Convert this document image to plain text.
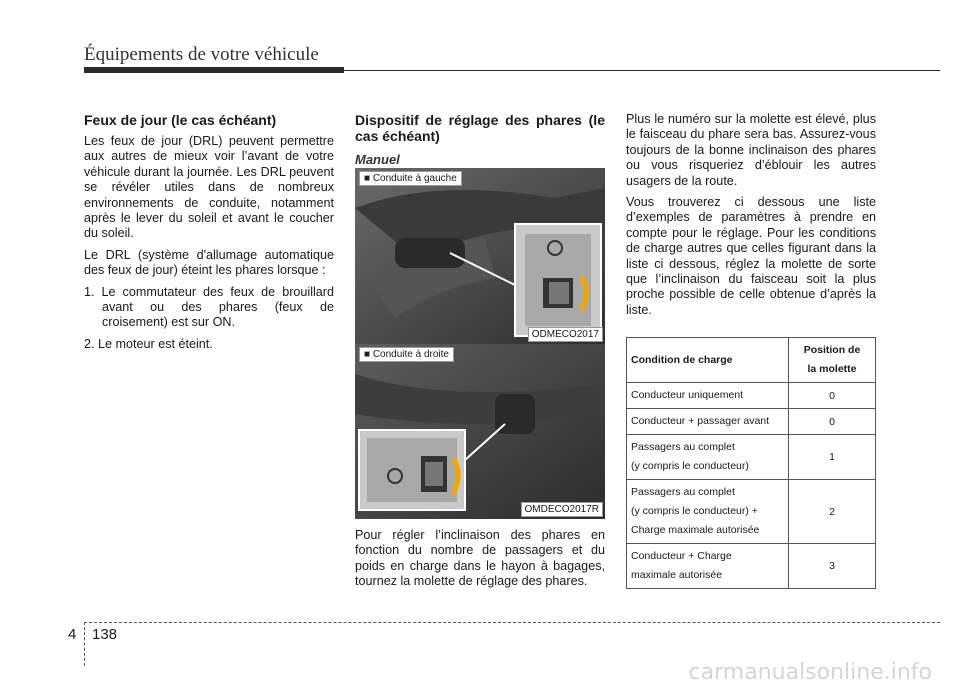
Équipements de votre véhicule
Feux de jour (le cas échéant)

Les feux de jour (DRL) peuvent permettre aux autres de mieux voir l’avant de votre véhicule durant la journée. Les DRL peuvent se révéler utiles dans de nombreux environnements de conduite, notamment après le lever du soleil et avant le coucher du soleil.

Le DRL (système d'allumage automatique des feux de jour) éteint les phares lorsque :

1. Le commutateur des feux de brouillard avant ou des phares (feux de croisement) est sur ON.
2. Le moteur est éteint.
Dispositif de réglage des phares (le cas échéant)
Manuel
■ Conduite à gauche
ODMECO2017
■ Conduite à droite
OMDECO2017R

Pour régler l’inclinaison des phares en fonction du nombre de passagers et du poids en charge dans le hayon à bagages, tournez la molette de réglage des phares.

Plus le numéro sur la molette est élevé, plus le faisceau du phare sera bas. Assurez-vous toujours de la bonne inclinaison des phares ou vous risqueriez d’éblouir les autres usagers de la route.

Vous trouverez ci dessous une liste d’exemples de paramètres à prendre en compte pour le réglage. Pour les conditions de charge autres que celles figurant dans la liste ci dessous, réglez la molette de sorte que l’inclinaison du faisceau soit la plus proche possible de celle obtenue d’après la liste.

Condition de charge	Position de
la molette

Conducteur uniquement	0

Conducteur + passager avant	0

Passagers au complet
(y compris le conducteur)	1

Passagers au complet
(y compris le conducteur) +
Charge maximale autorisée	2

Conducteur + Charge
maximale autorisée	3
4 138
carmanualsonline.info
